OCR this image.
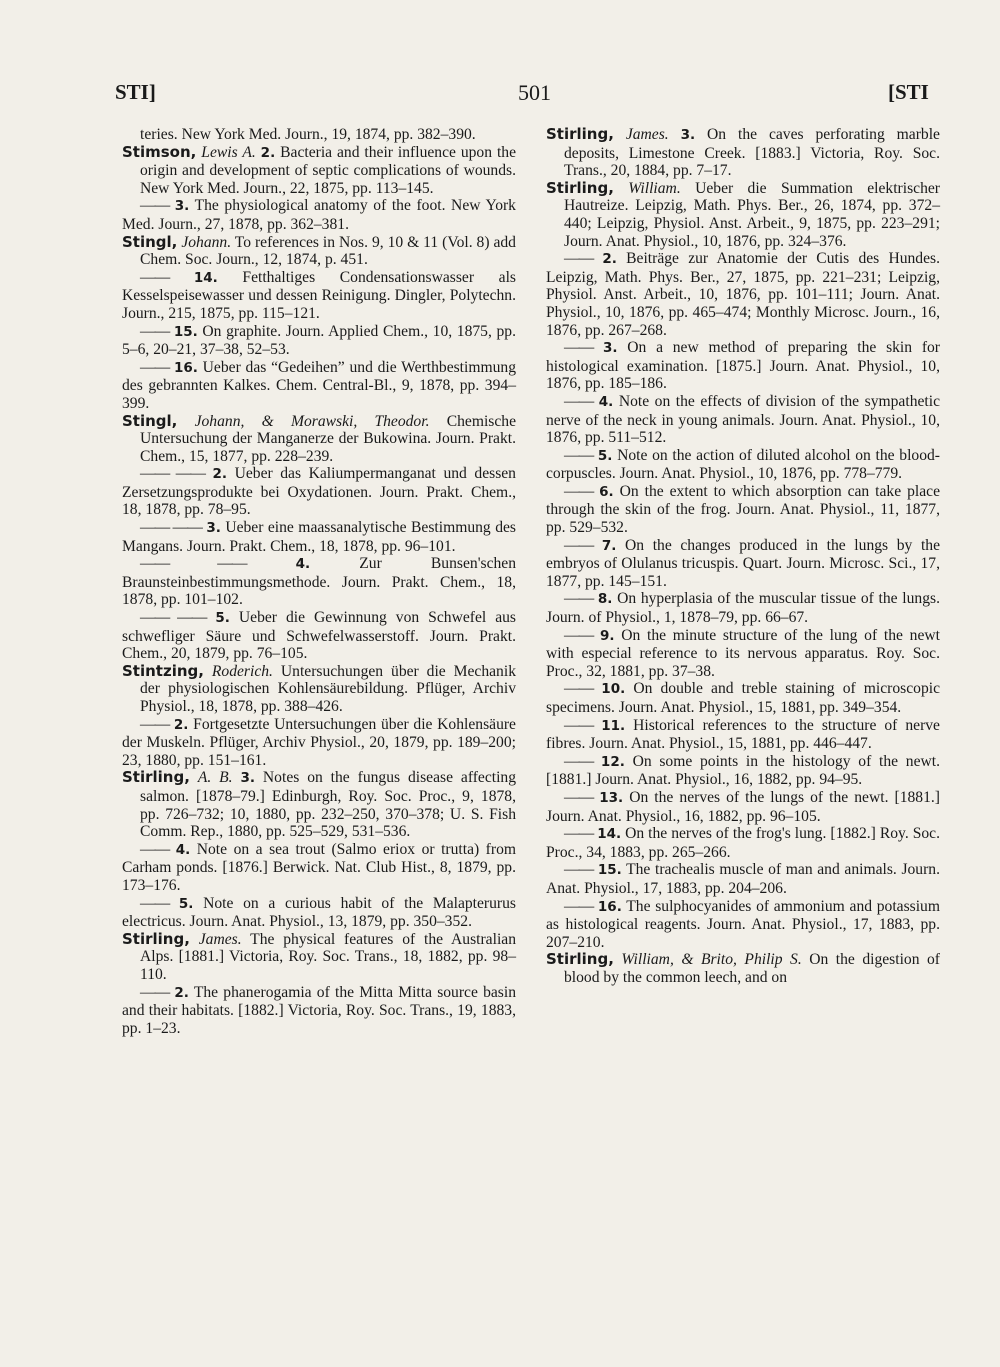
STI]	501	[STI

teries. New York Med. Journ., 19, 1874, pp. 382–390.

Stimson, Lewis A. 2. Bacteria and their influence upon the origin and development of septic complications of wounds. New York Med. Journ., 22, 1875, pp. 113–145.

—— 3. The physiological anatomy of the foot. New York Med. Journ., 27, 1878, pp. 362–381.

Stingl, Johann. To references in Nos. 9, 10 & 11 (Vol. 8) add Chem. Soc. Journ., 12, 1874, p. 451.

—— 14. Fetthaltiges Condensationswasser als Kesselspeisewasser und dessen Reinigung. Dingler, Polytechn. Journ., 215, 1875, pp. 115–121.

—— 15. On graphite. Journ. Applied Chem., 10, 1875, pp. 5–6, 20–21, 37–38, 52–53.

—— 16. Ueber das “Gedeihen” und die Werthbestimmung des gebrannten Kalkes. Chem. Central-Bl., 9, 1878, pp. 394–399.

Stingl, Johann, & Morawski, Theodor. Chemische Untersuchung der Manganerze der Bukowina. Journ. Prakt. Chem., 15, 1877, pp. 228–239.

—— —— 2. Ueber das Kaliumpermanganat und dessen Zersetzungsprodukte bei Oxydationen. Journ. Prakt. Chem., 18, 1878, pp. 78–95.

—— —— 3. Ueber eine maassanalytische Bestimmung des Mangans. Journ. Prakt. Chem., 18, 1878, pp. 96–101.

—— ——	4.	Zur Bunsen'schen Braunsteinbestimmungsmethode. Journ. Prakt. Chem., 18, 1878, pp. 101–102.

—— —— 5. Ueber die Gewinnung von Schwefel aus schwefliger Säure und Schwefelwasserstoff. Journ. Prakt. Chem., 20, 1879, pp. 76–105.

Stintzing, Roderich. Untersuchungen über die Mechanik der physiologischen Kohlensäurebildung. Pflüger, Archiv Physiol., 18, 1878, pp. 388–426.

—— 2. Fortgesetzte Untersuchungen über die Kohlensäure der Muskeln. Pflüger, Archiv Physiol., 20, 1879, pp. 189–200; 23, 1880, pp. 151–161.

Stirling, A. B. 3. Notes on the fungus disease affecting salmon. [1878–79.] Edinburgh, Roy. Soc. Proc., 9, 1878, pp. 726–732; 10, 1880, pp. 232–250, 370–378; U. S. Fish Comm. Rep., 1880, pp. 525–529, 531–536.

—— 4. Note on a sea trout (Salmo eriox or trutta) from Carham ponds. [1876.] Berwick. Nat. Club Hist., 8, 1879, pp. 173–176.

—— 5. Note on a curious habit of the Malapterurus electricus. Journ. Anat. Physiol., 13, 1879, pp. 350–352.

Stirling, James. The physical features of the Australian Alps. [1881.] Victoria, Roy. Soc. Trans., 18, 1882, pp. 98–110.

—— 2. The phanerogamia of the Mitta Mitta source basin and their habitats. [1882.] Victoria, Roy. Soc. Trans., 19, 1883, pp. 1–23.

Stirling, James. 3. On the caves perforating marble deposits, Limestone Creek. [1883.] Victoria, Roy. Soc. Trans., 20, 1884, pp. 7–17.

Stirling, William. Ueber die Summation elektrischer Hautreize. Leipzig, Math. Phys. Ber., 26, 1874, pp. 372–440; Leipzig, Physiol. Anst. Arbeit., 9, 1875, pp. 223–291; Journ. Anat. Physiol., 10, 1876, pp. 324–376.

—— 2. Beiträge zur Anatomie der Cutis des Hundes. Leipzig, Math. Phys. Ber., 27, 1875, pp. 221–231; Leipzig, Physiol. Anst. Arbeit., 10, 1876, pp. 101–111; Journ. Anat. Physiol., 10, 1876, pp. 465–474; Monthly Microsc. Journ., 16, 1876, pp. 267–268.

—— 3. On a new method of preparing the skin for histological examination. [1875.] Journ. Anat. Physiol., 10, 1876, pp. 185–186.

—— 4. Note on the effects of division of the sympathetic nerve of the neck in young animals. Journ. Anat. Physiol., 10, 1876, pp. 511–512.

—— 5. Note on the action of diluted alcohol on the blood-corpuscles. Journ. Anat. Physiol., 10, 1876, pp. 778–779.

—— 6. On the extent to which absorption can take place through the skin of the frog. Journ. Anat. Physiol., 11, 1877, pp. 529–532.

—— 7. On the changes produced in the lungs by the embryos of Olulanus tricuspis. Quart. Journ. Microsc. Sci., 17, 1877, pp. 145–151.

—— 8. On hyperplasia of the muscular tissue of the lungs. Journ. of Physiol., 1, 1878–79, pp. 66–67.

—— 9. On the minute structure of the lung of the newt with especial reference to its nervous apparatus. Roy. Soc. Proc., 32, 1881, pp. 37–38.

—— 10. On double and treble staining of microscopic specimens. Journ. Anat. Physiol., 15, 1881, pp. 349–354.

—— 11. Historical references to the structure of nerve fibres. Journ. Anat. Physiol., 15, 1881, pp. 446–447.

—— 12. On some points in the histology of the newt. [1881.] Journ. Anat. Physiol., 16, 1882, pp. 94–95.

—— 13. On the nerves of the lungs of the newt. [1881.] Journ. Anat. Physiol., 16, 1882, pp. 96–105.

—— 14. On the nerves of the frog's lung. [1882.] Roy. Soc. Proc., 34, 1883, pp. 265–266.

—— 15. The trachealis muscle of man and animals. Journ. Anat. Physiol., 17, 1883, pp. 204–206.

—— 16. The sulphocyanides of ammonium and potassium as histological reagents. Journ. Anat. Physiol., 17, 1883, pp. 207–210.

Stirling, William, & Brito, Philip S. On the digestion of blood by the common leech, and on
